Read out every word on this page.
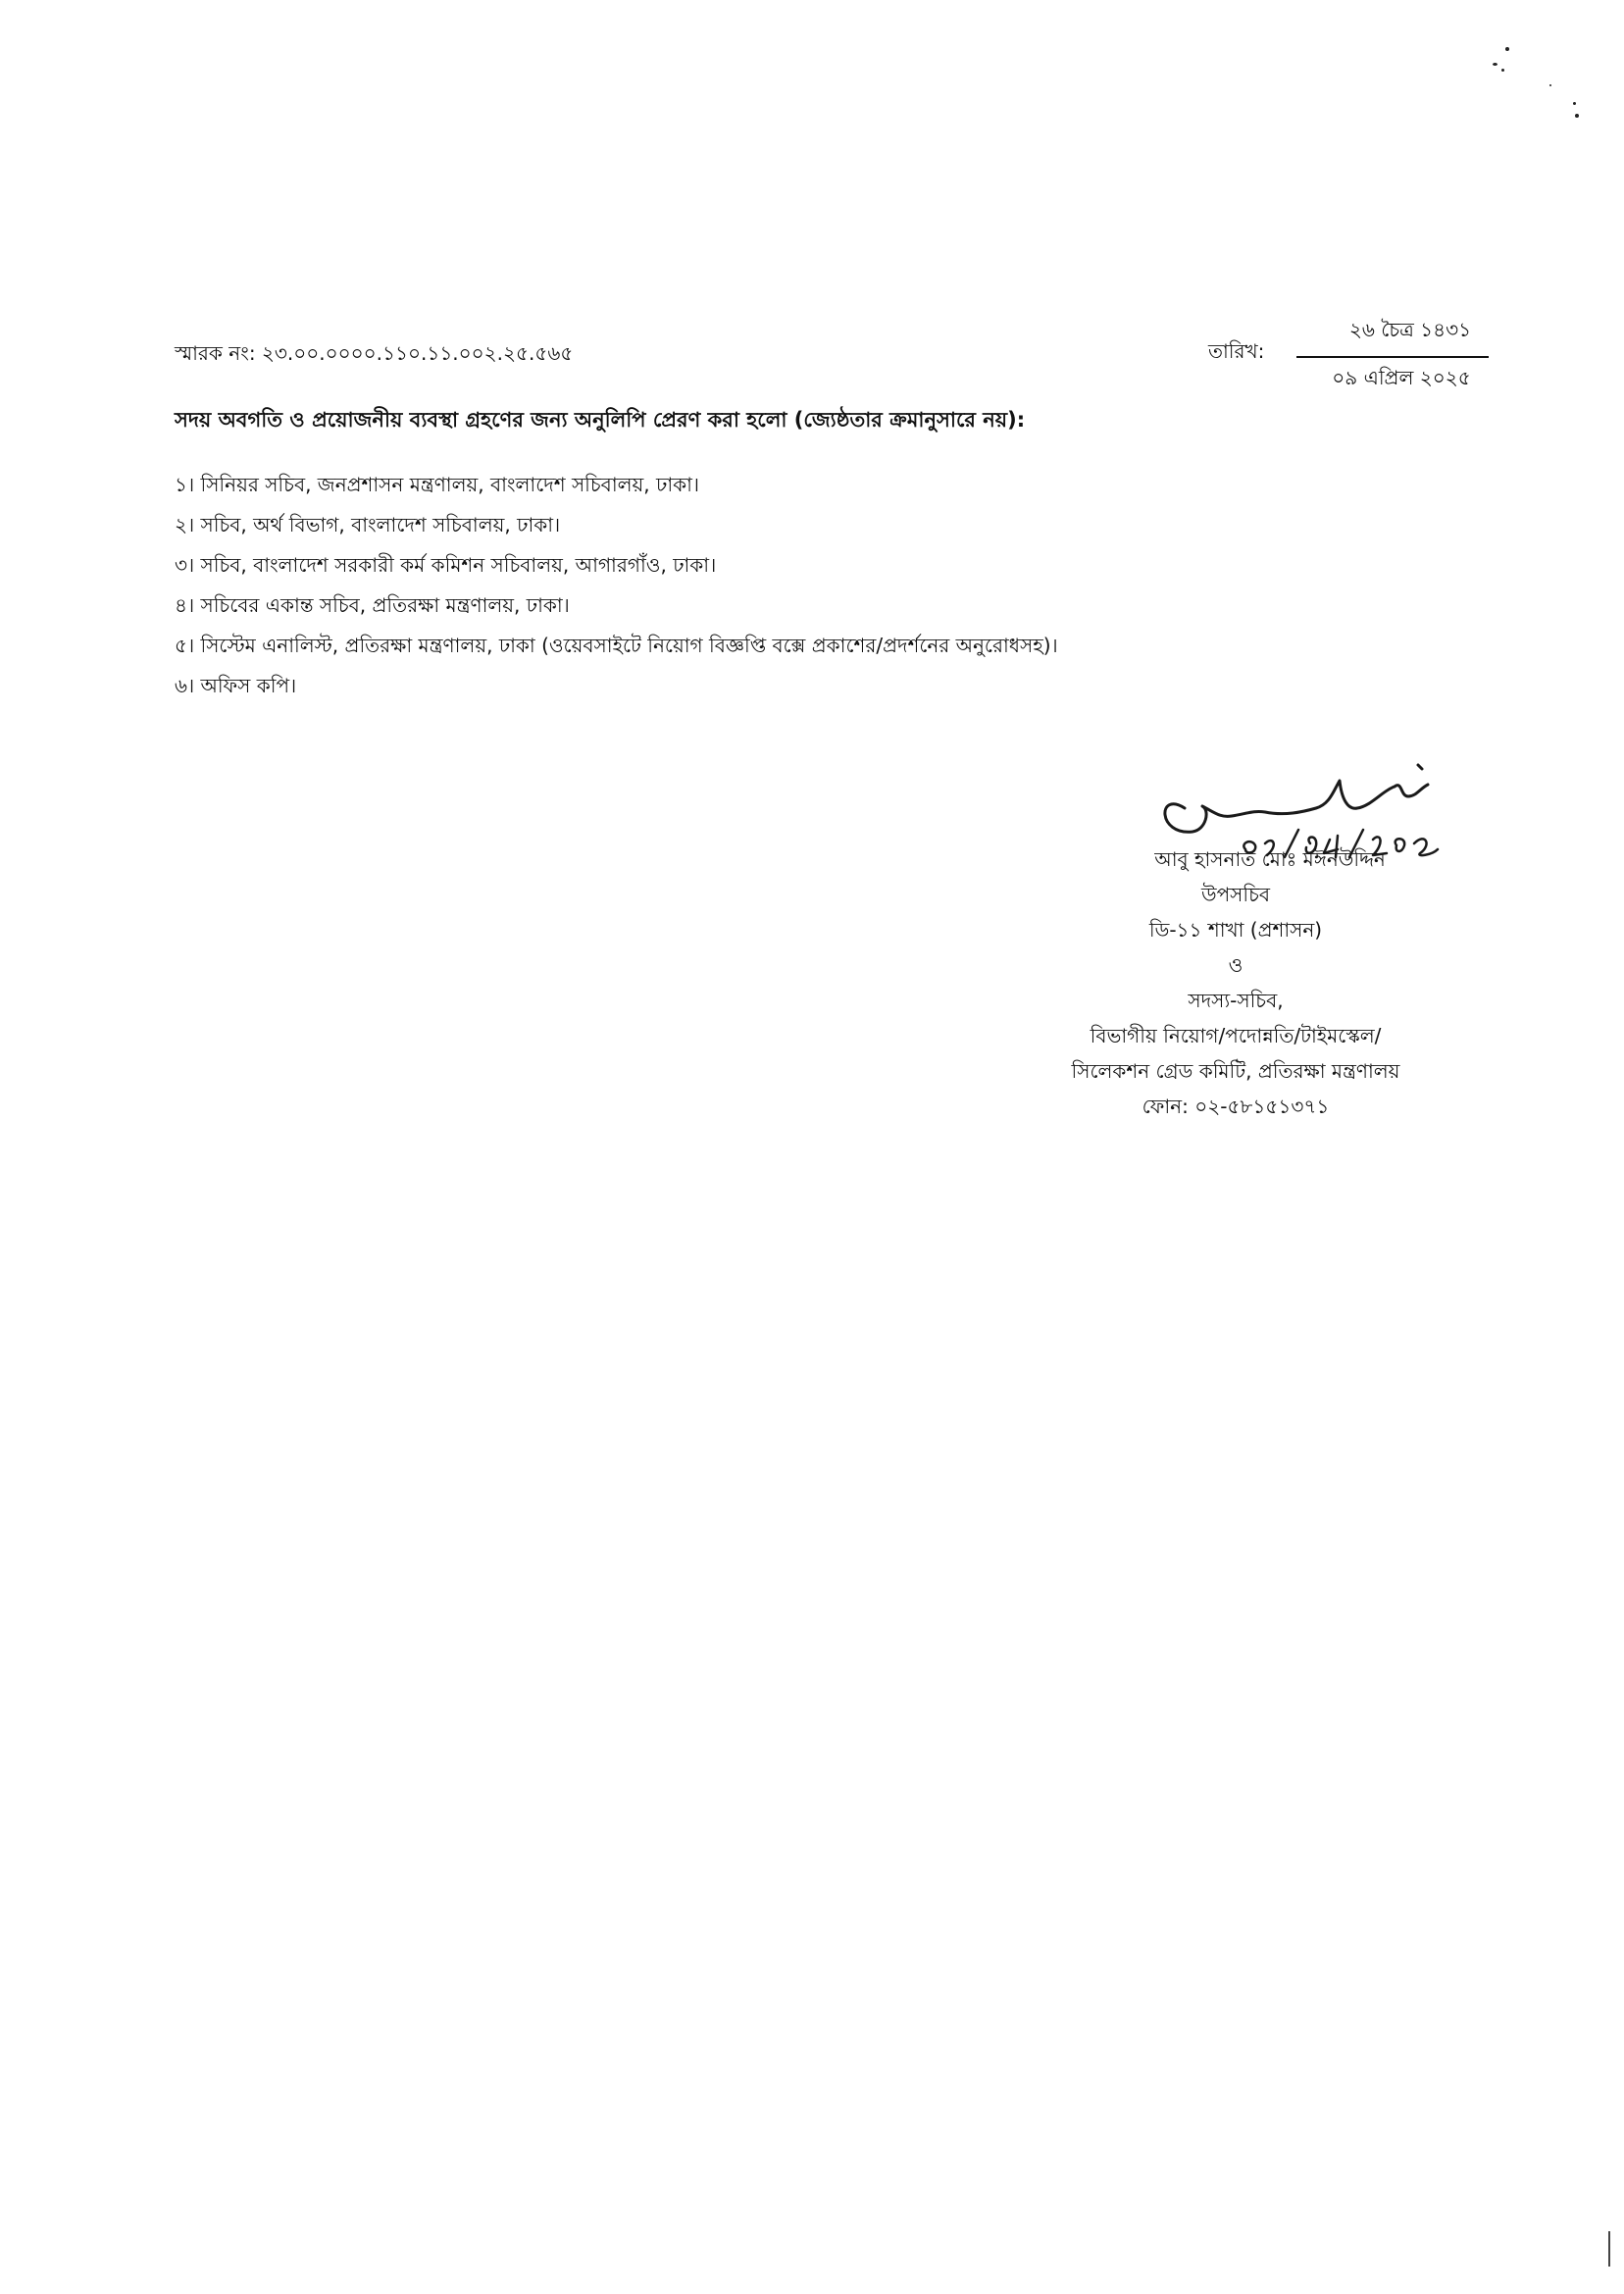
স্মারক নং: ২৩.০০.০০০০.১১০.১১.০০২.২৫.৫৬৫	তারিখ:
২৬ চৈত্র ১৪৩১
০৯ এপ্রিল ২০২৫
সদয় অবগতি ও প্রয়োজনীয় ব্যবস্থা গ্রহণের জন্য অনুলিপি প্রেরণ করা হলো (জ্যেষ্ঠতার ক্রমানুসারে নয়):
১। সিনিয়র সচিব, জনপ্রশাসন মন্ত্রণালয়, বাংলাদেশ সচিবালয়, ঢাকা।
২। সচিব, অর্থ বিভাগ, বাংলাদেশ সচিবালয়, ঢাকা।
৩। সচিব, বাংলাদেশ সরকারী কর্ম কমিশন সচিবালয়, আগারগাঁও, ঢাকা।
৪। সচিবের একান্ত সচিব, প্রতিরক্ষা মন্ত্রণালয়, ঢাকা।
৫। সিস্টেম এনালিস্ট, প্রতিরক্ষা মন্ত্রণালয়, ঢাকা (ওয়েবসাইটে নিয়োগ বিজ্ঞপ্তি বক্সে প্রকাশের/প্রদর্শনের অনুরোধসহ)।
৬। অফিস কপি।
আবু হাসনাত মোঃ মঈনউদ্দিন
উপসচিব
ডি-১১ শাখা (প্রশাসন)
ও
সদস্য-সচিব,
বিভাগীয় নিয়োগ/পদোন্নতি/টাইমস্কেল/
সিলেকশন গ্রেড কমিটি, প্রতিরক্ষা মন্ত্রণালয়
ফোন: ০২-৫৮১৫১৩৭১
